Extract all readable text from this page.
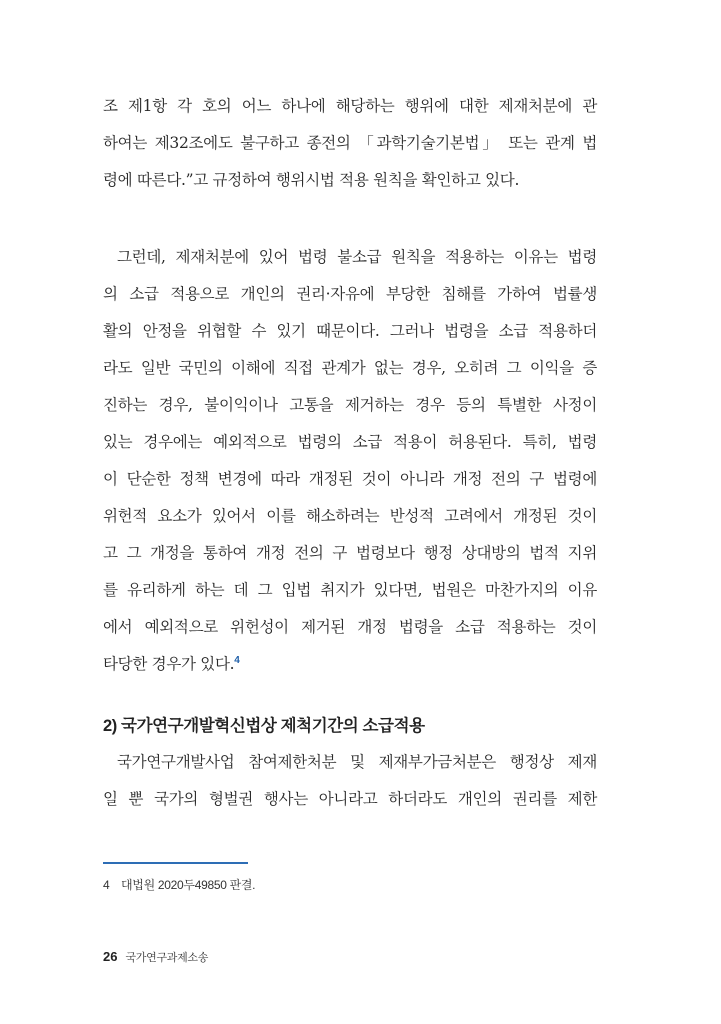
조 제1항 각 호의 어느 하나에 해당하는 행위에 대한 제재처분에 관
하여는 제32조에도 불구하고 종전의 「과학기술기본법」 또는 관계 법
령에 따른다.”고 규정하여 행위시법 적용 원칙을 확인하고 있다.
그런데, 제재처분에 있어 법령 불소급 원칙을 적용하는 이유는 법령
의 소급 적용으로 개인의 권리·자유에 부당한 침해를 가하여 법률생
활의 안정을 위협할 수 있기 때문이다. 그러나 법령을 소급 적용하더
라도 일반 국민의 이해에 직접 관계가 없는 경우, 오히려 그 이익을 증
진하는 경우, 불이익이나 고통을 제거하는 경우 등의 특별한 사정이
있는 경우에는 예외적으로 법령의 소급 적용이 허용된다. 특히, 법령
이 단순한 정책 변경에 따라 개정된 것이 아니라 개정 전의 구 법령에
위헌적 요소가 있어서 이를 해소하려는 반성적 고려에서 개정된 것이
고 그 개정을 통하여 개정 전의 구 법령보다 행정 상대방의 법적 지위
를 유리하게 하는 데 그 입법 취지가 있다면, 법원은 마찬가지의 이유
에서 예외적으로 위헌성이 제거된 개정 법령을 소급 적용하는 것이
타당한 경우가 있다.$^4$
2) 국가연구개발혁신법상 제척기간의 소급적용
국가연구개발사업 참여제한처분 및 제재부가금처분은 행정상 제재
일 뿐 국가의 형벌권 행사는 아니라고 하더라도 개인의 권리를 제한
4 대법원 2020두49850 판결.
26 국가연구과제소송
